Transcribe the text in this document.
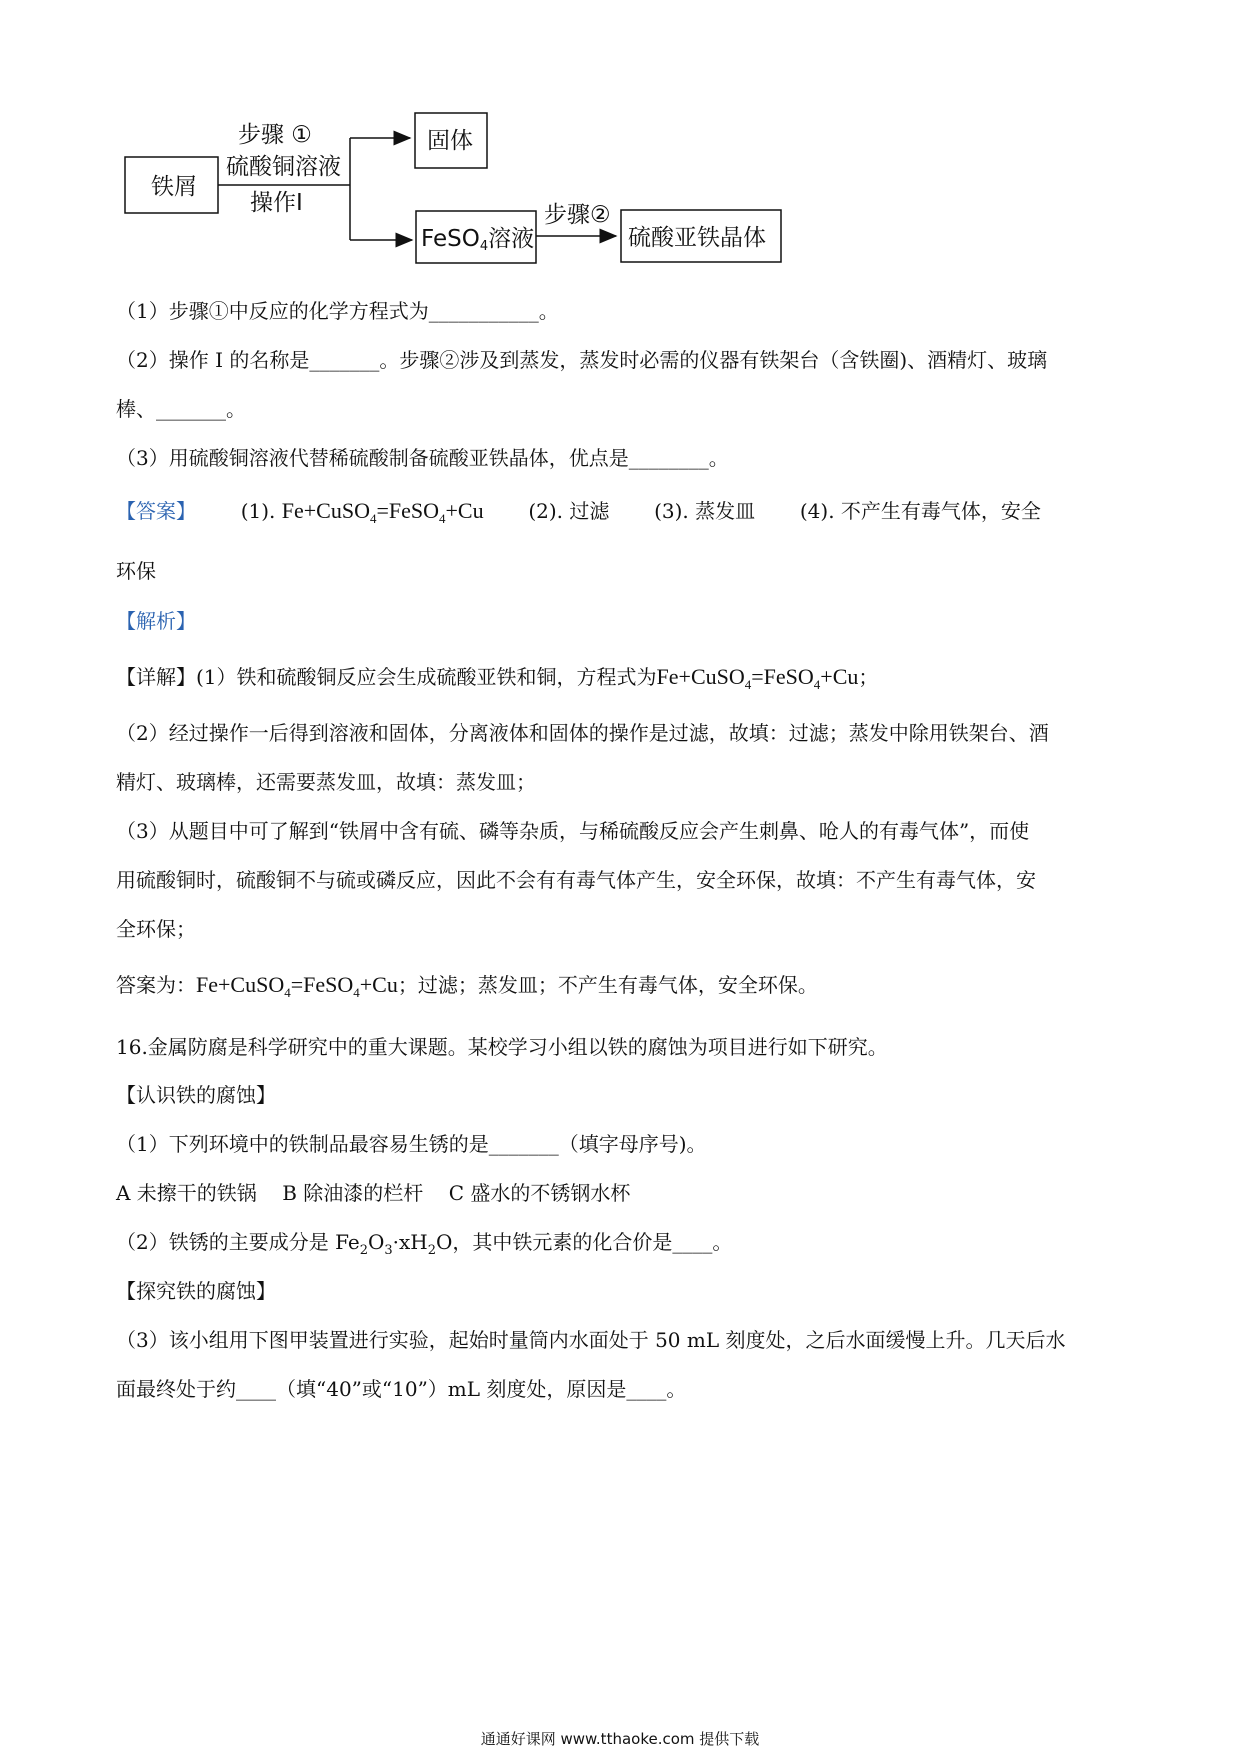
铁屑
步骤 ①
硫酸铜溶液
操作I
固体
FeSO4溶液
步骤②
硫酸亚铁晶体
（1）步骤①中反应的化学方程式为___________。
（2）操作 I 的名称是_______。步骤②涉及到蒸发，蒸发时必需的仪器有铁架台（含铁圈)、酒精灯、玻璃
棒、_______。
（3）用硫酸铜溶液代替稀硫酸制备硫酸亚铁晶体，优点是________。
【答案】 (1). Fe+CuSO$_4$=FeSO$_4$+Cu (2). 过滤 (3). 蒸发皿 (4). 不产生有毒气体，安全
环保
【解析】
【详解】(1）铁和硫酸铜反应会生成硫酸亚铁和铜，方程式为Fe+CuSO$_4$=FeSO$_4$+Cu；
（2）经过操作一后得到溶液和固体，分离液体和固体的操作是过滤，故填：过滤；蒸发中除用铁架台、酒
精灯、玻璃棒，还需要蒸发皿，故填：蒸发皿；
（3）从题目中可了解到“铁屑中含有硫、磷等杂质，与稀硫酸反应会产生刺鼻、呛人的有毒气体”，而使
用硫酸铜时，硫酸铜不与硫或磷反应，因此不会有有毒气体产生，安全环保，故填：不产生有毒气体，安
全环保；
答案为：Fe+CuSO$_4$=FeSO$_4$+Cu；过滤；蒸发皿；不产生有毒气体，安全环保。
16.金属防腐是科学研究中的重大课题。某校学习小组以铁的腐蚀为项目进行如下研究。
【认识铁的腐蚀】
（1）下列环境中的铁制品最容易生锈的是_______（填字母序号)。
A 未擦干的铁锅    B 除油漆的栏杆    C 盛水的不锈钢水杯
（2）铁锈的主要成分是 $Fe_2O_3\cdot xH_2O$，其中铁元素的化合价是____。
【探究铁的腐蚀】
（3）该小组用下图甲装置进行实验，起始时量筒内水面处于 50 mL 刻度处，之后水面缓慢上升。几天后水
面最终处于约____（填“40”或“10”）mL 刻度处，原因是____。
通通好课网 www.tthaoke.com 提供下载
